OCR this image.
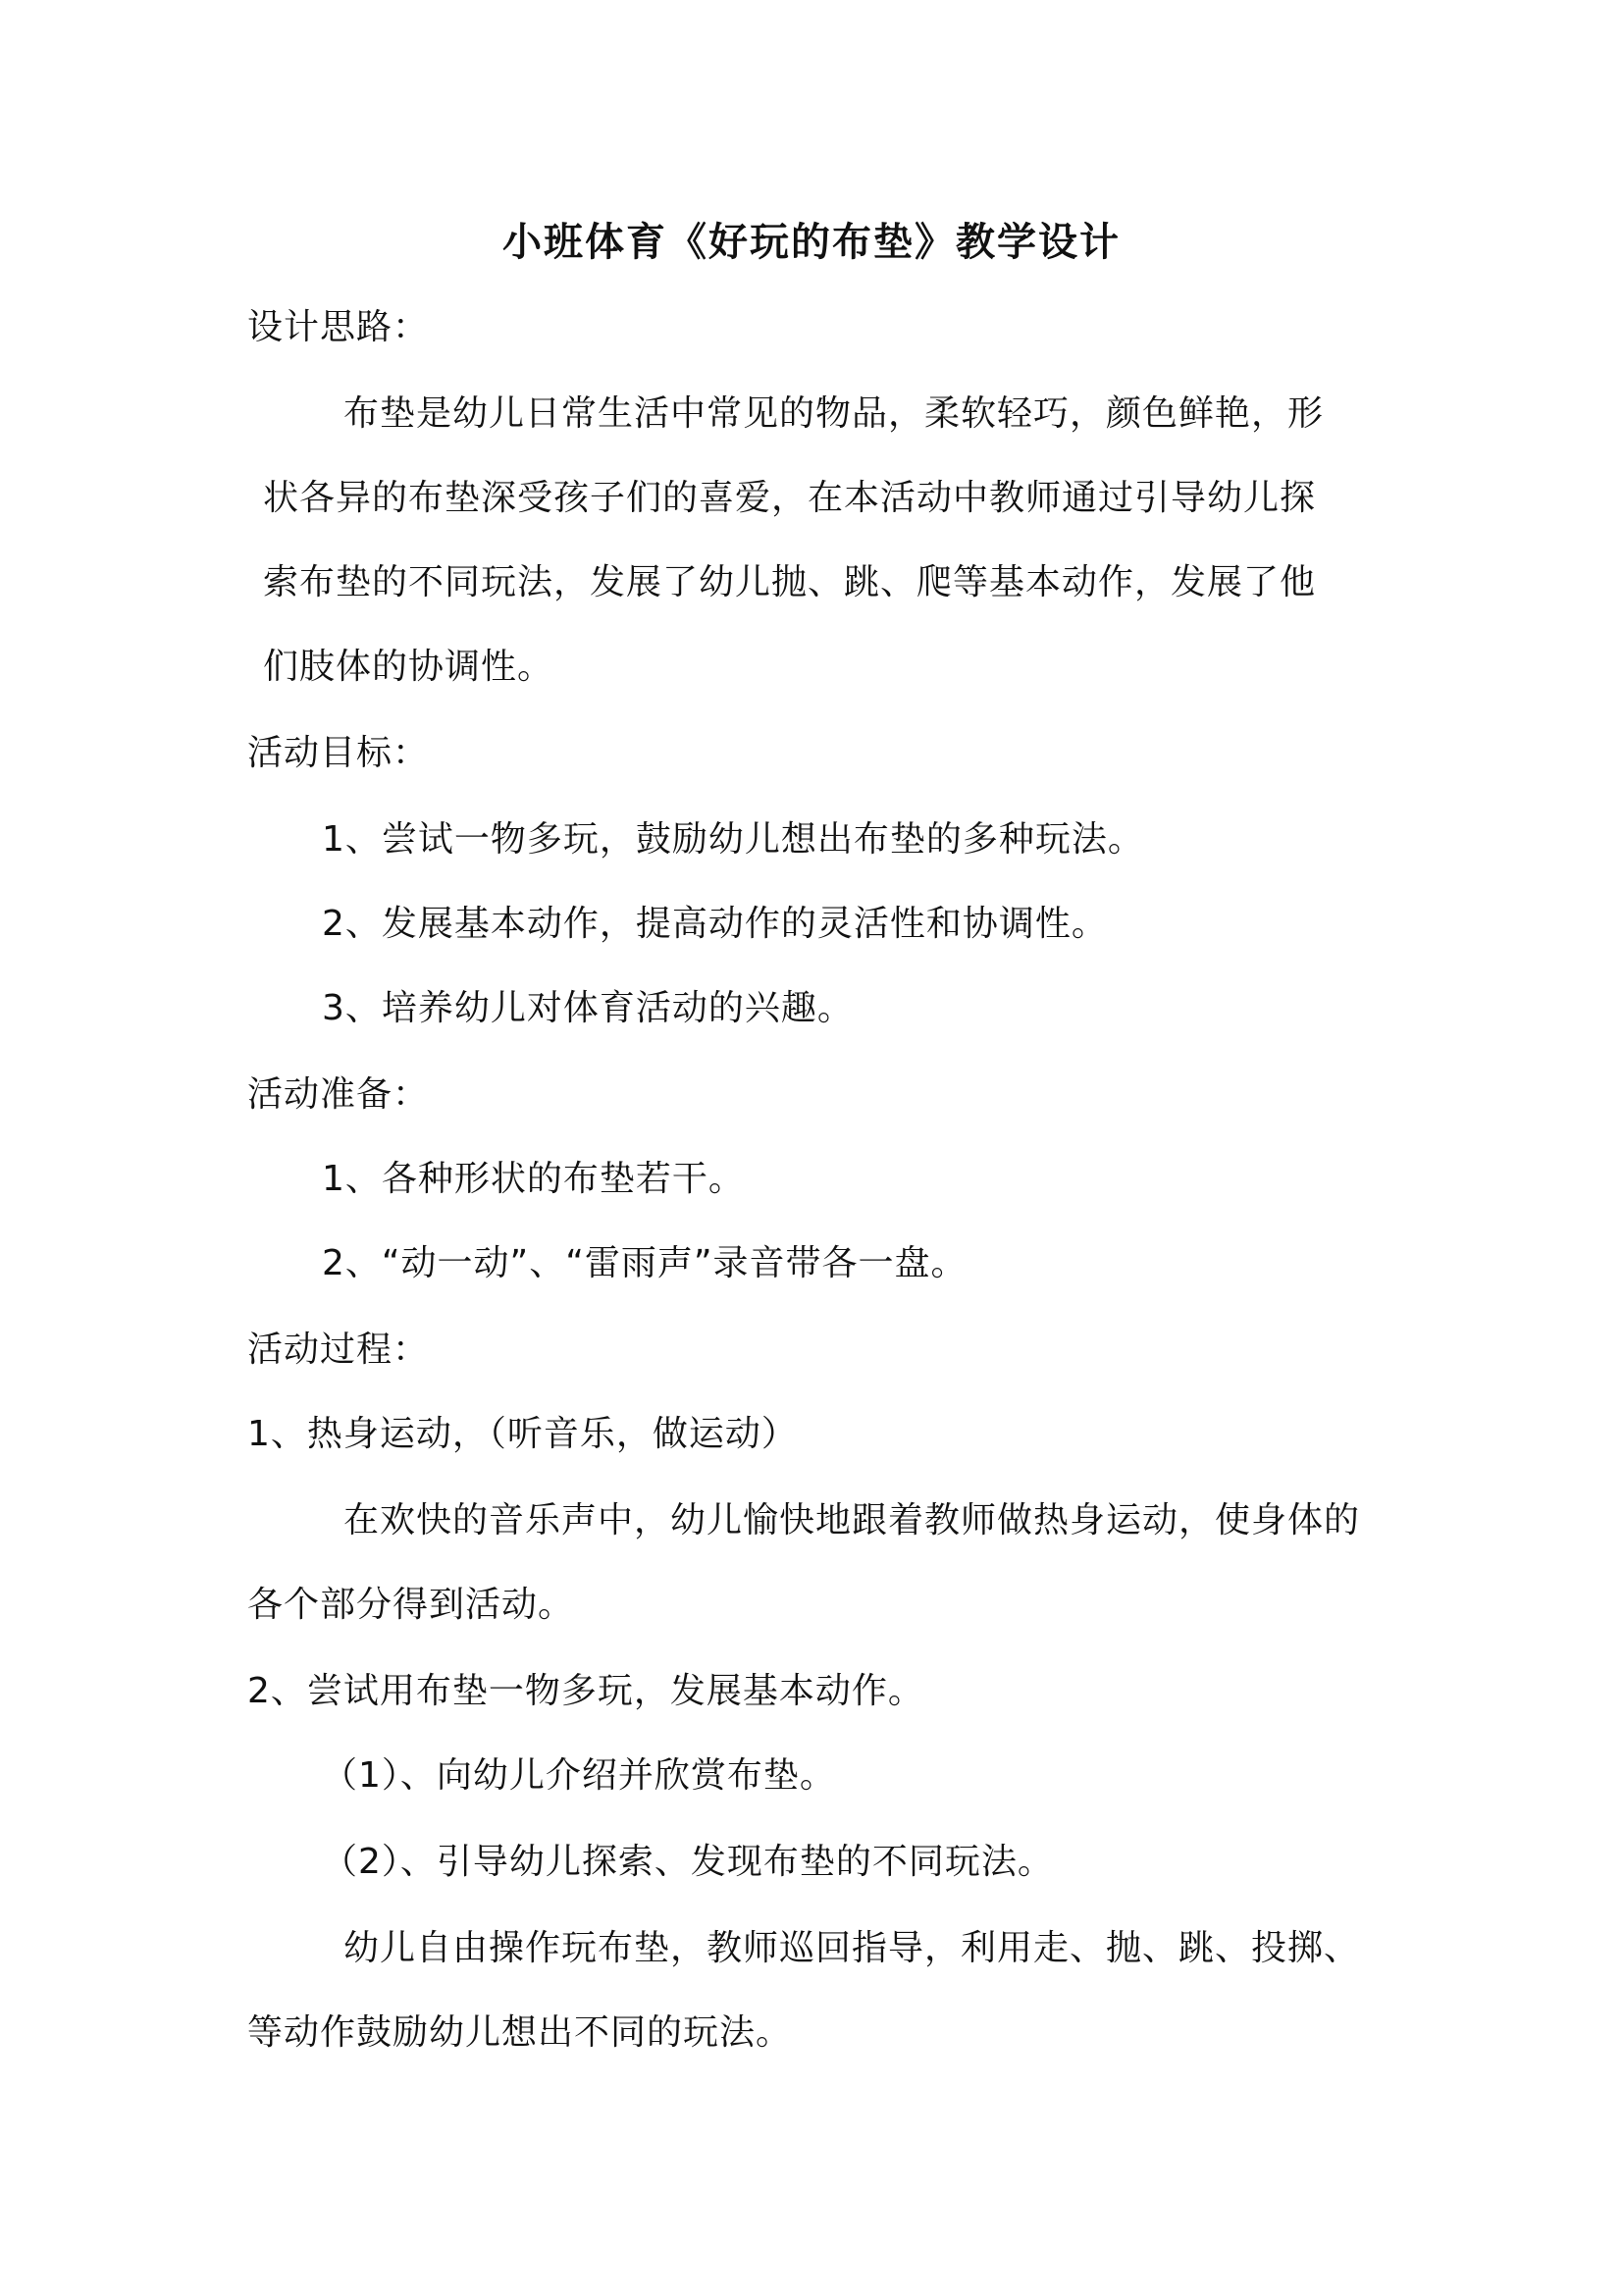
小班体育《好玩的布垫》教学设计
设计思路：
布垫是幼儿日常生活中常见的物品，柔软轻巧，颜色鲜艳，形
状各异的布垫深受孩子们的喜爱，在本活动中教师通过引导幼儿探
索布垫的不同玩法，发展了幼儿抛、跳、爬等基本动作，发展了他
们肢体的协调性。
活动目标：
1、尝试一物多玩，鼓励幼儿想出布垫的多种玩法。
2、发展基本动作，提高动作的灵活性和协调性。
3、培养幼儿对体育活动的兴趣。
活动准备：
1、各种形状的布垫若干。
2、“动一动”、“雷雨声”录音带各一盘。
活动过程：
1、热身运动，（听音乐，做运动）
在欢快的音乐声中，幼儿愉快地跟着教师做热身运动，使身体的
各个部分得到活动。
2、尝试用布垫一物多玩，发展基本动作。
（1）、向幼儿介绍并欣赏布垫。
（2）、引导幼儿探索、发现布垫的不同玩法。
幼儿自由操作玩布垫，教师巡回指导，利用走、抛、跳、投掷、
等动作鼓励幼儿想出不同的玩法。
